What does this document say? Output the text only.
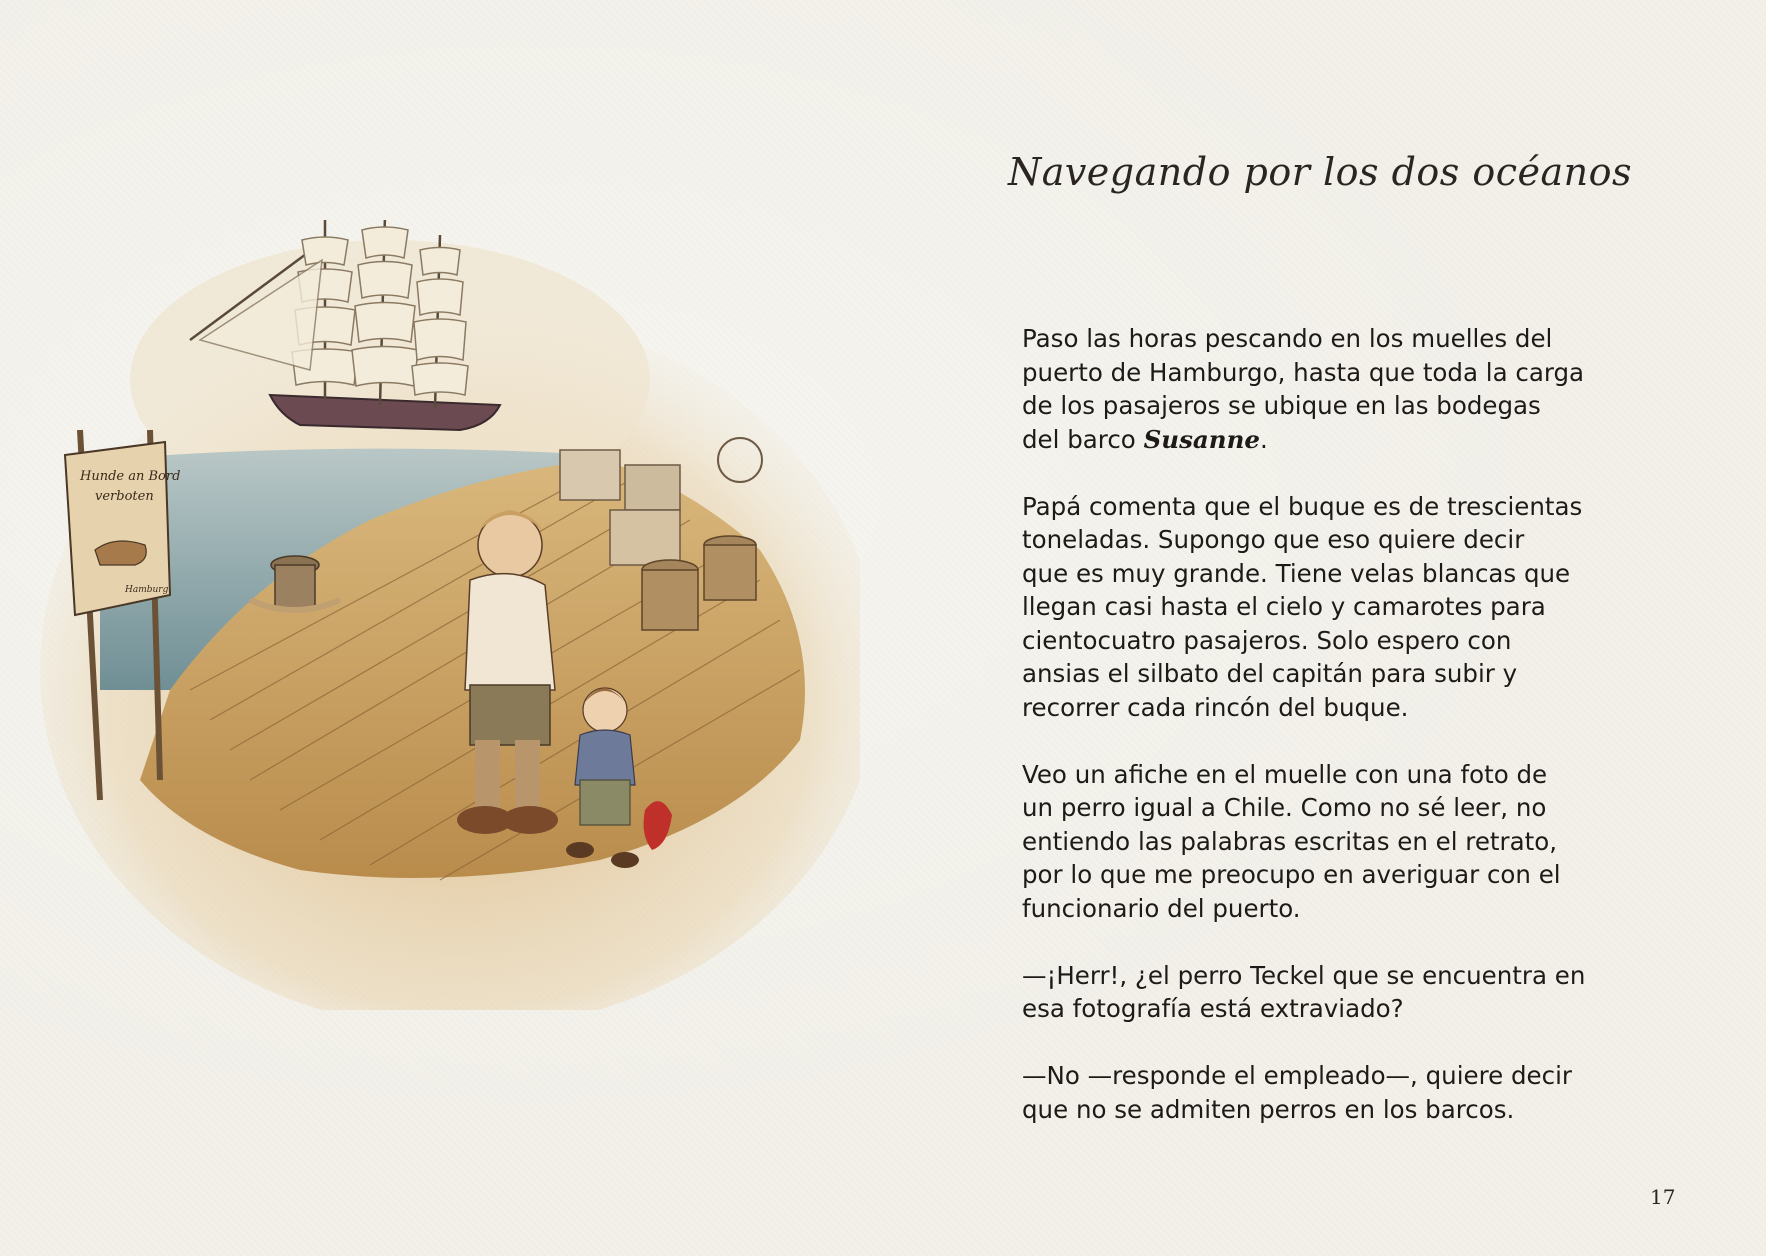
Hunde an Bord
verboten
Hamburg
Navegando por los dos océanos

Paso las horas pescando en los muelles del
puerto de Hamburgo, hasta que toda la carga
de los pasajeros se ubique en las bodegas
del barco Susanne.

Papá comenta que el buque es de trescientas
toneladas. Supongo que eso quiere decir
que es muy grande. Tiene velas blancas que
llegan casi hasta el cielo y camarotes para
cientocuatro pasajeros. Solo espero con
ansias el silbato del capitán para subir y
recorrer cada rincón del buque.

Veo un afiche en el muelle con una foto de
un perro igual a Chile. Como no sé leer, no
entiendo las palabras escritas en el retrato,
por lo que me preocupo en averiguar con el
funcionario del puerto.

—¡Herr!, ¿el perro Teckel que se encuentra en
esa fotografía está extraviado?

—No —responde el empleado—, quiere decir
que no se admiten perros en los barcos.

17
